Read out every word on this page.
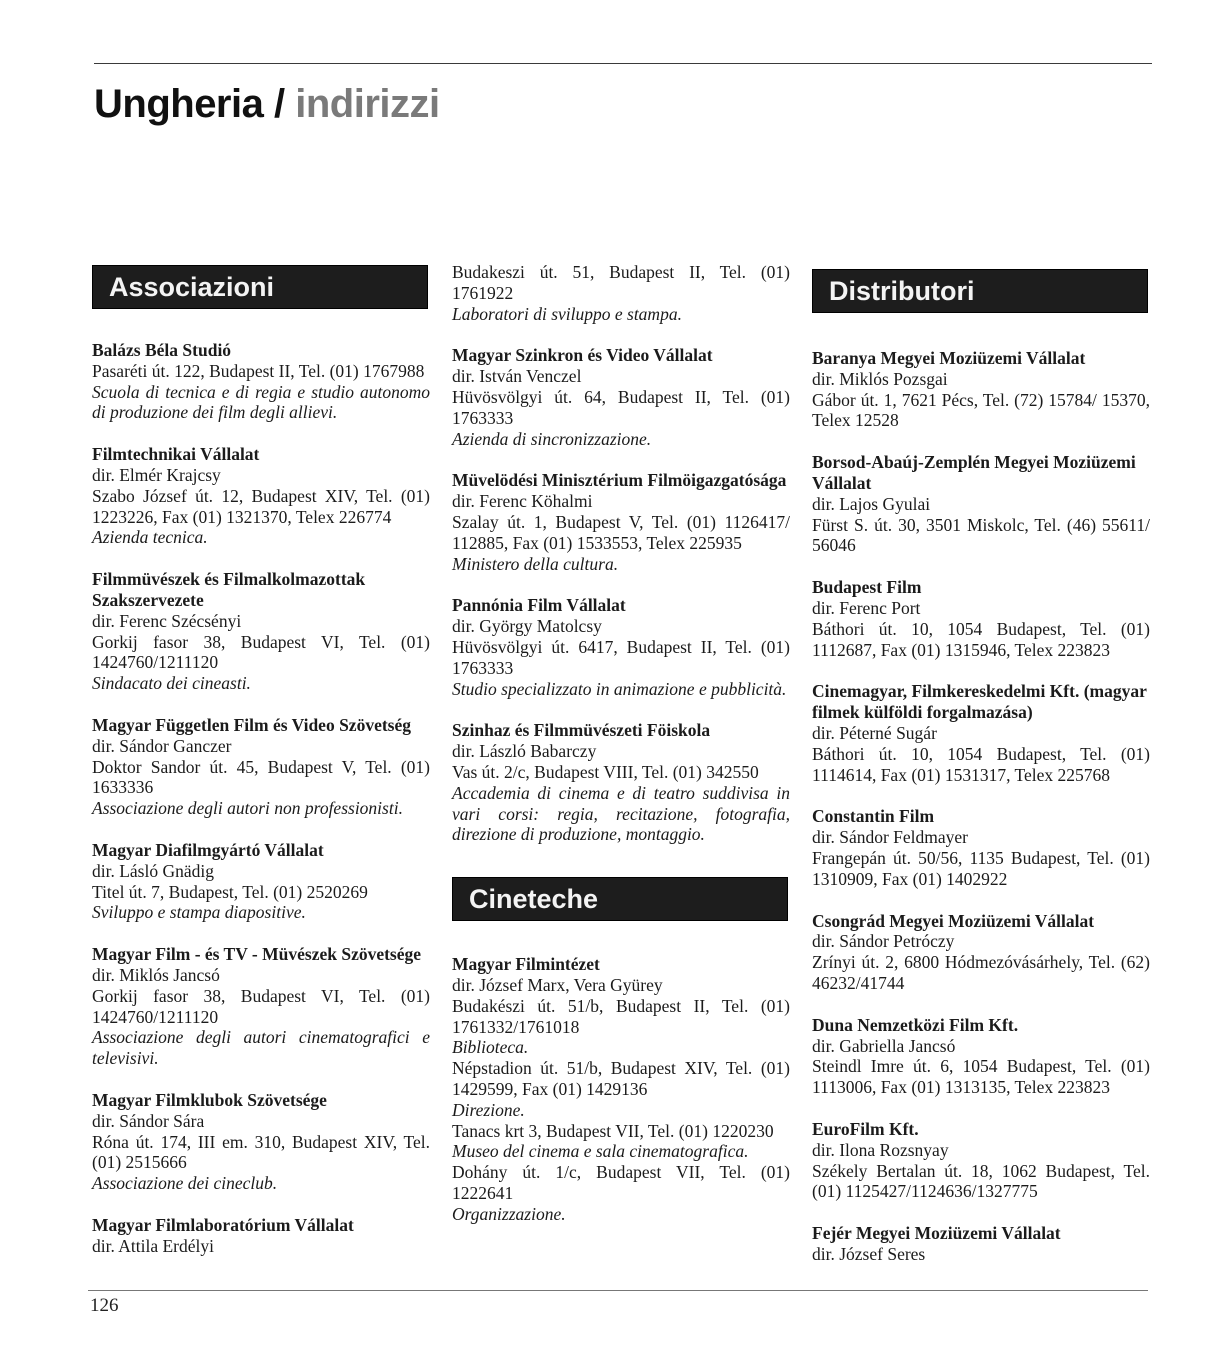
Ungheria / indirizzi
Associazioni
Balázs Béla Studió
Pasaréti út. 122, Budapest II, Tel. (01) 1767988
Scuola di tecnica e di regia e studio autonomo di produzione dei film degli allievi.
Filmtechnikai Vállalat
dir. Elmér Krajcsy
Szabo József út. 12, Budapest XIV, Tel. (01) 1223226, Fax (01) 1321370, Telex 226774
Azienda tecnica.
Filmmüvészek és Filmalkolmazottak Szakszervezete
dir. Ferenc Szécsényi
Gorkij fasor 38, Budapest VI, Tel. (01) 1424760/1211120
Sindacato dei cineasti.
Magyar Független Film és Video Szövetség
dir. Sándor Ganczer
Doktor Sandor út. 45, Budapest V, Tel. (01) 1633336
Associazione degli autori non professionisti.
Magyar Diafilmgyártó Vállalat
dir. Lásló Gnädig
Titel út. 7, Budapest, Tel. (01) 2520269
Sviluppo e stampa diapositive.
Magyar Film - és TV - Müvészek Szövetsége
dir. Miklós Jancsó
Gorkij fasor 38, Budapest VI, Tel. (01) 1424760/1211120
Associazione degli autori cinematografici e televisivi.
Magyar Filmklubok Szövetsége
dir. Sándor Sára
Róna út. 174, III em. 310, Budapest XIV, Tel. (01) 2515666
Associazione dei cineclub.
Magyar Filmlaboratórium Vállalat
dir. Attila Erdélyi
Budakeszi út. 51, Budapest II, Tel. (01) 1761922
Laboratori di sviluppo e stampa.
Magyar Szinkron és Video Vállalat
dir. István Venczel
Hüvösvölgyi út. 64, Budapest II, Tel. (01) 1763333
Azienda di sincronizzazione.
Müvelödési Minisztérium Filmöigazgatósága
dir. Ferenc Köhalmi
Szalay út. 1, Budapest V, Tel. (01) 1126417/ 112885, Fax (01) 1533553, Telex 225935
Ministero della cultura.
Pannónia Film Vállalat
dir. György Matolcsy
Hüvösvölgyi út. 6417, Budapest II, Tel. (01) 1763333
Studio specializzato in animazione e pubblicità.
Szinhaz és Filmmüvészeti Föiskola
dir. László Babarczy
Vas út. 2/c, Budapest VIII, Tel. (01) 342550
Accademia di cinema e di teatro suddivisa in vari corsi: regia, recitazione, fotografia, direzione di produzione, montaggio.
Cineteche
Magyar Filmintézet
dir. József Marx, Vera Gyürey
Budakészi út. 51/b, Budapest II, Tel. (01) 1761332/1761018
Biblioteca.
Népstadion út. 51/b, Budapest XIV, Tel. (01) 1429599, Fax (01) 1429136
Direzione.
Tanacs krt 3, Budapest VII, Tel. (01) 1220230
Museo del cinema e sala cinematografica.
Dohány út. 1/c, Budapest VII, Tel. (01) 1222641
Organizzazione.
Distributori
Baranya Megyei Moziüzemi Vállalat
dir. Miklós Pozsgai
Gábor út. 1, 7621 Pécs, Tel. (72) 15784/ 15370, Telex 12528
Borsod-Abaúj-Zemplén Megyei Moziüzemi Vállalat
dir. Lajos Gyulai
Fürst S. út. 30, 3501 Miskolc, Tel. (46) 55611/ 56046
Budapest Film
dir. Ferenc Port
Báthori út. 10, 1054 Budapest, Tel. (01) 1112687, Fax (01) 1315946, Telex 223823
Cinemagyar, Filmkereskedelmi Kft. (magyar filmek külföldi forgalmazása)
dir. Péterné Sugár
Báthori út. 10, 1054 Budapest, Tel. (01) 1114614, Fax (01) 1531317, Telex 225768
Constantin Film
dir. Sándor Feldmayer
Frangepán út. 50/56, 1135 Budapest, Tel. (01) 1310909, Fax (01) 1402922
Csongrád Megyei Moziüzemi Vállalat
dir. Sándor Petróczy
Zrínyi út. 2, 6800 Hódmezóvásárhely, Tel. (62) 46232/41744
Duna Nemzetközi Film Kft.
dir. Gabriella Jancsó
Steindl Imre út. 6, 1054 Budapest, Tel. (01) 1113006, Fax (01) 1313135, Telex 223823
EuroFilm Kft.
dir. Ilona Rozsnyay
Székely Bertalan út. 18, 1062 Budapest, Tel. (01) 1125427/1124636/1327775
Fejér Megyei Moziüzemi Vállalat
dir. József Seres
126
